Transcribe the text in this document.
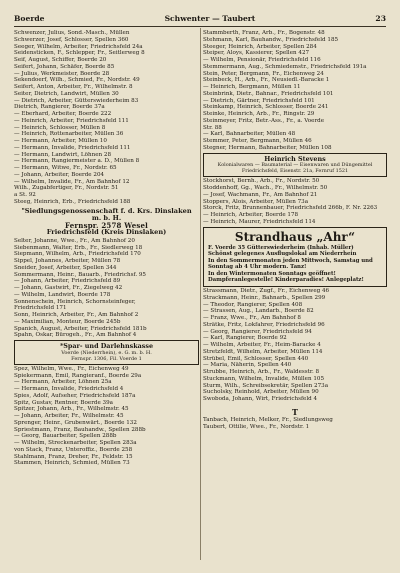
Boerde	Schwenter — Taubert	23
Schwenzer, Julius, Sond.-Masch., Müllen
Schwerzer, Josef, Schlosser, Spellen 360
Seeger, Wilhelm, Arbeiter, Friedrichsfeld 24a
Seidensticken, F., Schlepper, Fr., Seitlerweg 8
Seif, August, Schiffer, Boerde 20
Seifert, Johann, Schäfer, Boerde 85
— Julius, Werkmeister, Boerde 28
Sekendoerf, Wilh., Schmied, Fr., Nordstr. 49
Seifert, Anton, Arbeiter, Fr., Wilhelmstr. 8
Seiter, Dietrich, Landwirt, Müllen 30
— Dietrich, Arbeiter, Gütterswiederheim 83
Dietrich, Rangierer, Boerde 37a
— Eberhard, Arbeiter, Boerde 222
— Heinrich, Arbeiter, Friedrichsfeld 111
— Heinrich, Schlosser, Müllen 8
— Heinrich, Rottenarbeiter, Müllen 36
— Hermann, Arbeiter, Müllen 10
— Hermann, Invalide, Friedrichsfeld 111
— Hermann, Landwirt, Löhnen 28
— Hermann, Rangiermeister a. D., Müllen 8
— Hermann, Witwe, Fr., Nordstr. 65
— Johann, Arbeiter, Boerde 204
— Wilhelm, Invalide, Fr., Am Bahnhof 12
Wilh., Zugabfertiger, Fr., Nordstr. 51
a St. 92
Steeg, Heinrich, Erb., Friedrichsfeld 188
"Siedlungsgenossenschaft f. d. Krs. Dinslaken
m. b. H.
Fernspr. 2578 Wesel
Friedrichsfeld (Kreis Dinslaken)
Selter, Johanne, Wwe., Fr., Am Bahnhof 20
Siebenmann, Walter, Erb., Fr., Siedlerweg 18
Siepmann, Wilhelm, Arb., Friedrichsfeld 170
Sippel, Johannes, Arbeiter, Müllen 78
Sneider, Josef, Arbeiter, Spellen 344
Sommermann, Heinr., Bauarb., Friedrichsf. 95
— Johann, Arbeiter, Friedrichsfeld 89
— Johann, Gastwirt, Fr., Ziegelweg 42
— Wilhelm, Landwirt, Boerde 178
Sonnenschein, Heinrich, Schornsteinfeger,
Friedrichsfeld 171
Sonn, Heinrich, Arbeiter, Fr., Am Bahnhof 2
— Maximilian, Monteur, Boerde 245b
Spanich, August, Arbeiter, Friedrichsfeld 181b
Spahn, Oskar, Bürogeh., Fr., Am Bahnhof 4
*Spar- und Darlehnskasse
Voerde (Niederrhein), e. G. m. b. H.
Fernspr. 1306, Fil. Voerde 1
Spez, Wilhelm, Wwe., Fr., Eichenweg 49
Spiekermann, Emil, Rangieranf., Boerde 29a
— Hermann, Arbeiter, Löhnen 25a
— Hermann, Invalide, Friedrichsfeld 4
Spies, Adolf, Aufseher, Friedrichsfeld 187a
Spitz, Gustav, Rentner, Boerde 39a
Spitzer, Johann, Arb., Fr., Wilhelmstr. 45
— Johann, Arbeiter, Fr., Wilhelmstr. 45
Sprenger, Heinr., Grubenwärt., Boerde 132
Spriestmann, Franz, Bauhandw., Spellen 288b
— Georg, Bauarbeiter, Spellen 288b
— Wilhelm, Streckenarbeiter, Spellen 283a
von Stack, Franz, Unteroffiz., Boerde 258
Stahlmann, Franz, Dreher, Fr., Feldstr. 15
Stammen, Heinrich, Schmied, Müllen 73
Stammberth, Franz, Arb., Fr., Bogenstr. 48
Stehmann, Karl, Bauhandw., Friedrichsfeld 185
Steeger, Heinrich, Arbeiter, Spellen 284
Steiper, Aloys, Kassierer, Spellen 427
— Wilhelm, Pensionär, Friedrichsfeld 116
Stemmermann, Aug., Schmiedemstr., Friedrichsfeld 191a
Stein, Peter, Bergmann, Fr., Eichenweg 24
Steinbeck, H., Arb., Fr., Neusiedl.-Baracke 1
— Heinrich, Bergmann, Müllen 11
Steinbrink, Dietr., Bahnar., Friedrichsfeld 101
— Dietrich, Gärtner, Friedrichsfeld 101
Steinkamp, Heinrich, Schlosser, Boerde 241
Steinke, Heinrich, Arb., Fr., Ringstr. 29
Steinmeyer, Fritz, Betr.-Ass., Fr., a. Voerde
Str. 88
— Karl, Bahnarbeiter, Müllen 48
Stemmer, Peter, Bergmann, Müllen 46
Stegner, Hermann, Bahnarbeiter, Müllen 108
Heinrich Stevens
Kolonialwaren — Baumaterial — Eisenwaren und Düngemittel
Friedrichsfeld, Eisenstr. 21a, Fernruf 1521
Stockhorst, Bernh., Arb., Fr., Nordstr. 50
Stoddenhoff, Gg., Wach., Fr., Wilhelmstr. 50
— Josef, Wachmann, Fr., Am Bahnhof 21
Stoppers, Alois, Arbeiter, Müllen 73a
Storck, Fritz, Brunnenbauer, Friedrichsfeld 266b, F. Nr. 2263
— Heinrich, Arbeiter, Boerde 178
— Heinrich, Maurer, Friedrichsfeld 114
Strandhaus „Ahr“
F. Voerde 35 Gütterswiederheim (Inhab. Müller)
Schönst gelegenes Ausflugslokal am Niederrhein
In den Sommermonaten jeden Mittwoch, Samstag und Sonntag ab 4 Uhr modern. Tanz!
In den Wintermonaten Sonntags geöffnet!
Dampferanlegestelle! Kinderparadies! Anlegeplatz!
Strassmann, Dietr., Zugf., Fr., Eichenweg 46
Strackmann, Heinr., Bahnarb., Spellen 299
— Theodor, Rangierer, Spellen 408
— Strassen, Aug., Landarb., Boerde 82
— Franz, Wwe., Fr., Am Bahnhof 8
Strätke, Fritz, Lokfahrer, Friedrichsfeld 96
— Georg, Rangierer, Friedrichsfeld 94
— Karl, Rangierer, Boerde 92
— Wilhelm, Arbeiter, Fr., Heim-Baracke 4
Stretzfeldt, Wilhelm, Arbeiter, Müllen 114
Strübel, Emil, Schlosser, Spellen 440
— Maria, Näherin, Spellen 440
Strubbe, Heinrich, Arb., Fr., Waldesstr. 8
Stuckmann, Wilhelm, Invalide, Müllen 105
Sturm, Wilh., Schreibsekretär, Spellen 273a
Sucholsky, Reinhold, Arbeiter, Müllen 90
Swoboda, Johann, Wirt, Friedrichsfeld 4
T
Tanbach, Heinrich, Melker, Fr., Siedlungsweg
Taubert, Ottilie, Wwe., Fr., Nordstr. 1
